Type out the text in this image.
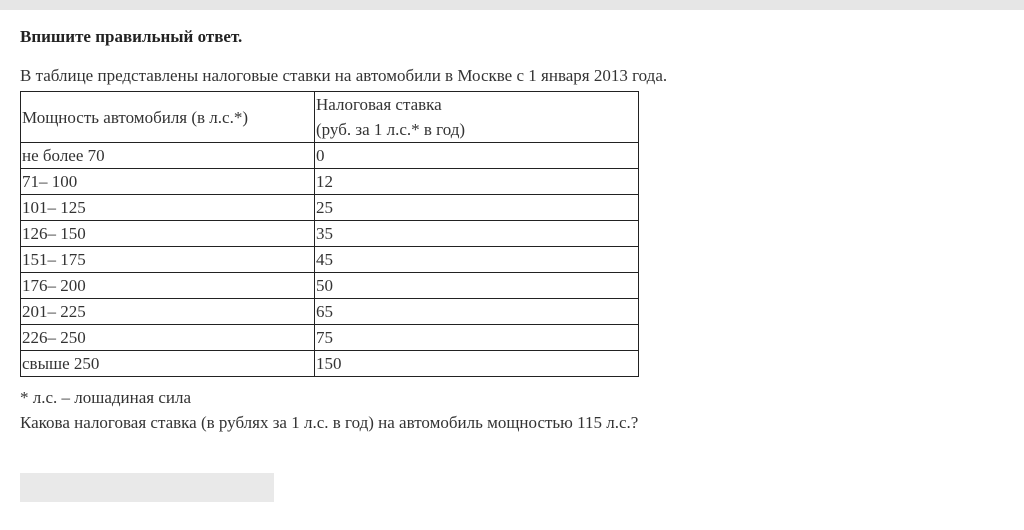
Впишите правильный ответ.
В таблице представлены налоговые ставки на автомобили в Москве с 1 января 2013 года.
Мощность автомобиля (в л.с.*)	Налоговая ставка
(руб. за 1 л.с.* в год)

не более 70	0
71– 100	12
101– 125	25
126– 150	35
151– 175	45
176– 200	50
201– 225	65
226– 250	75
свыше 250	150
* л.с. – лошадиная сила
Какова налоговая ставка (в рублях за 1 л.с. в год) на автомобиль мощностью 115 л.с.?
